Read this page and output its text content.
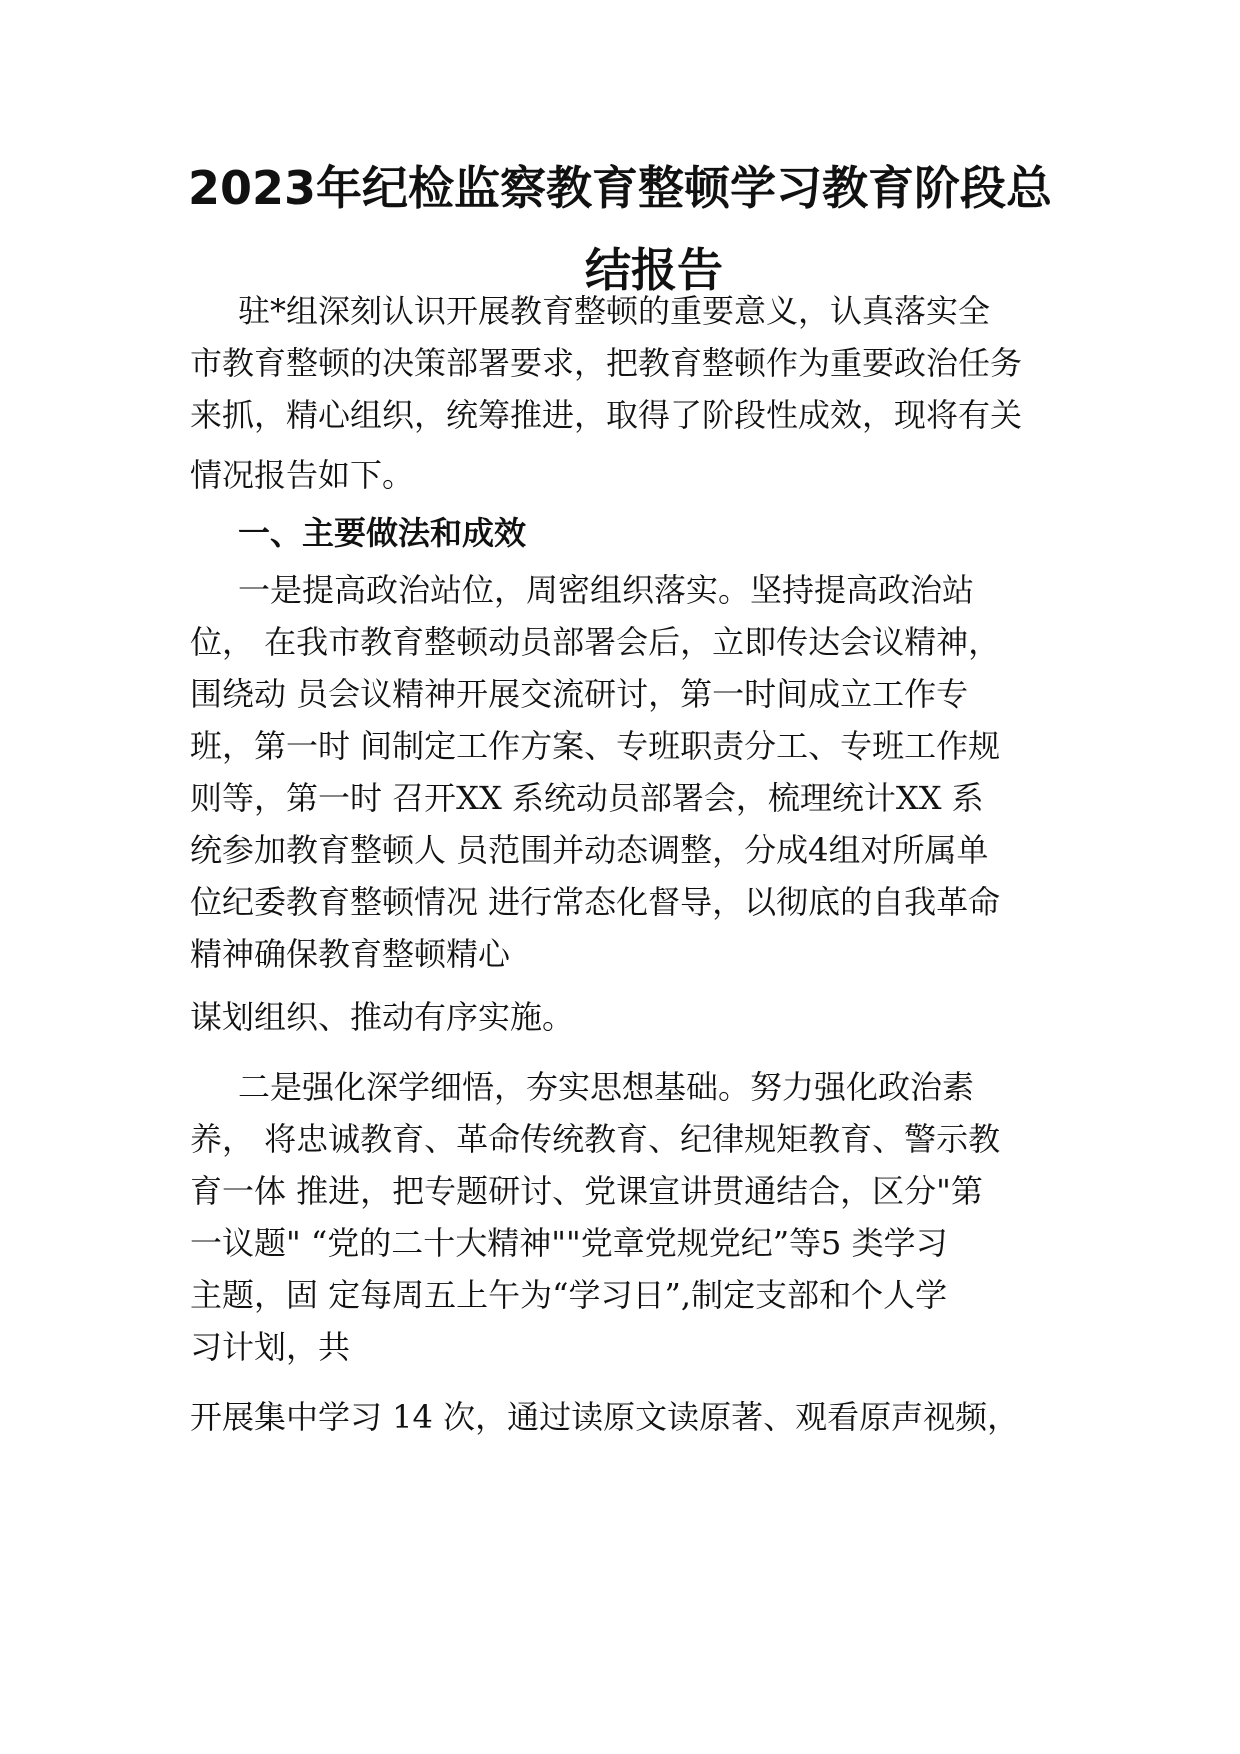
2023年纪检监察教育整顿学习教育阶段总
结报告
驻*组深刻认识开展教育整顿的重要意义，认真落实全
市教育整顿的决策部署要求，把教育整顿作为重要政治任务
来抓，精心组织，统筹推进，取得了阶段性成效，现将有关
情况报告如下。
一、主要做法和成效
一是提高政治站位，周密组织落实。坚持提高政治站
位， 在我市教育整顿动员部署会后，立即传达会议精神，
围绕动 员会议精神开展交流研讨，第一时间成立工作专
班，第一时 间制定工作方案、专班职责分工、专班工作规
则等，第一时 召开XX 系统动员部署会，梳理统计XX 系
统参加教育整顿人 员范围并动态调整，分成4组对所属单
位纪委教育整顿情况 进行常态化督导，以彻底的自我革命
精神确保教育整顿精心
谋划组织、推动有序实施。
二是强化深学细悟，夯实思想基础。努力强化政治素
养， 将忠诚教育、革命传统教育、纪律规矩教育、警示教
育一体 推进，把专题研讨、党课宣讲贯通结合，区分"第
一议题" “党的二十大精神""党章党规党纪”等5 类学习
主题，固 定每周五上午为“学习日”,制定支部和个人学
习计划，共
开展集中学习 14 次，通过读原文读原著、观看原声视频，
